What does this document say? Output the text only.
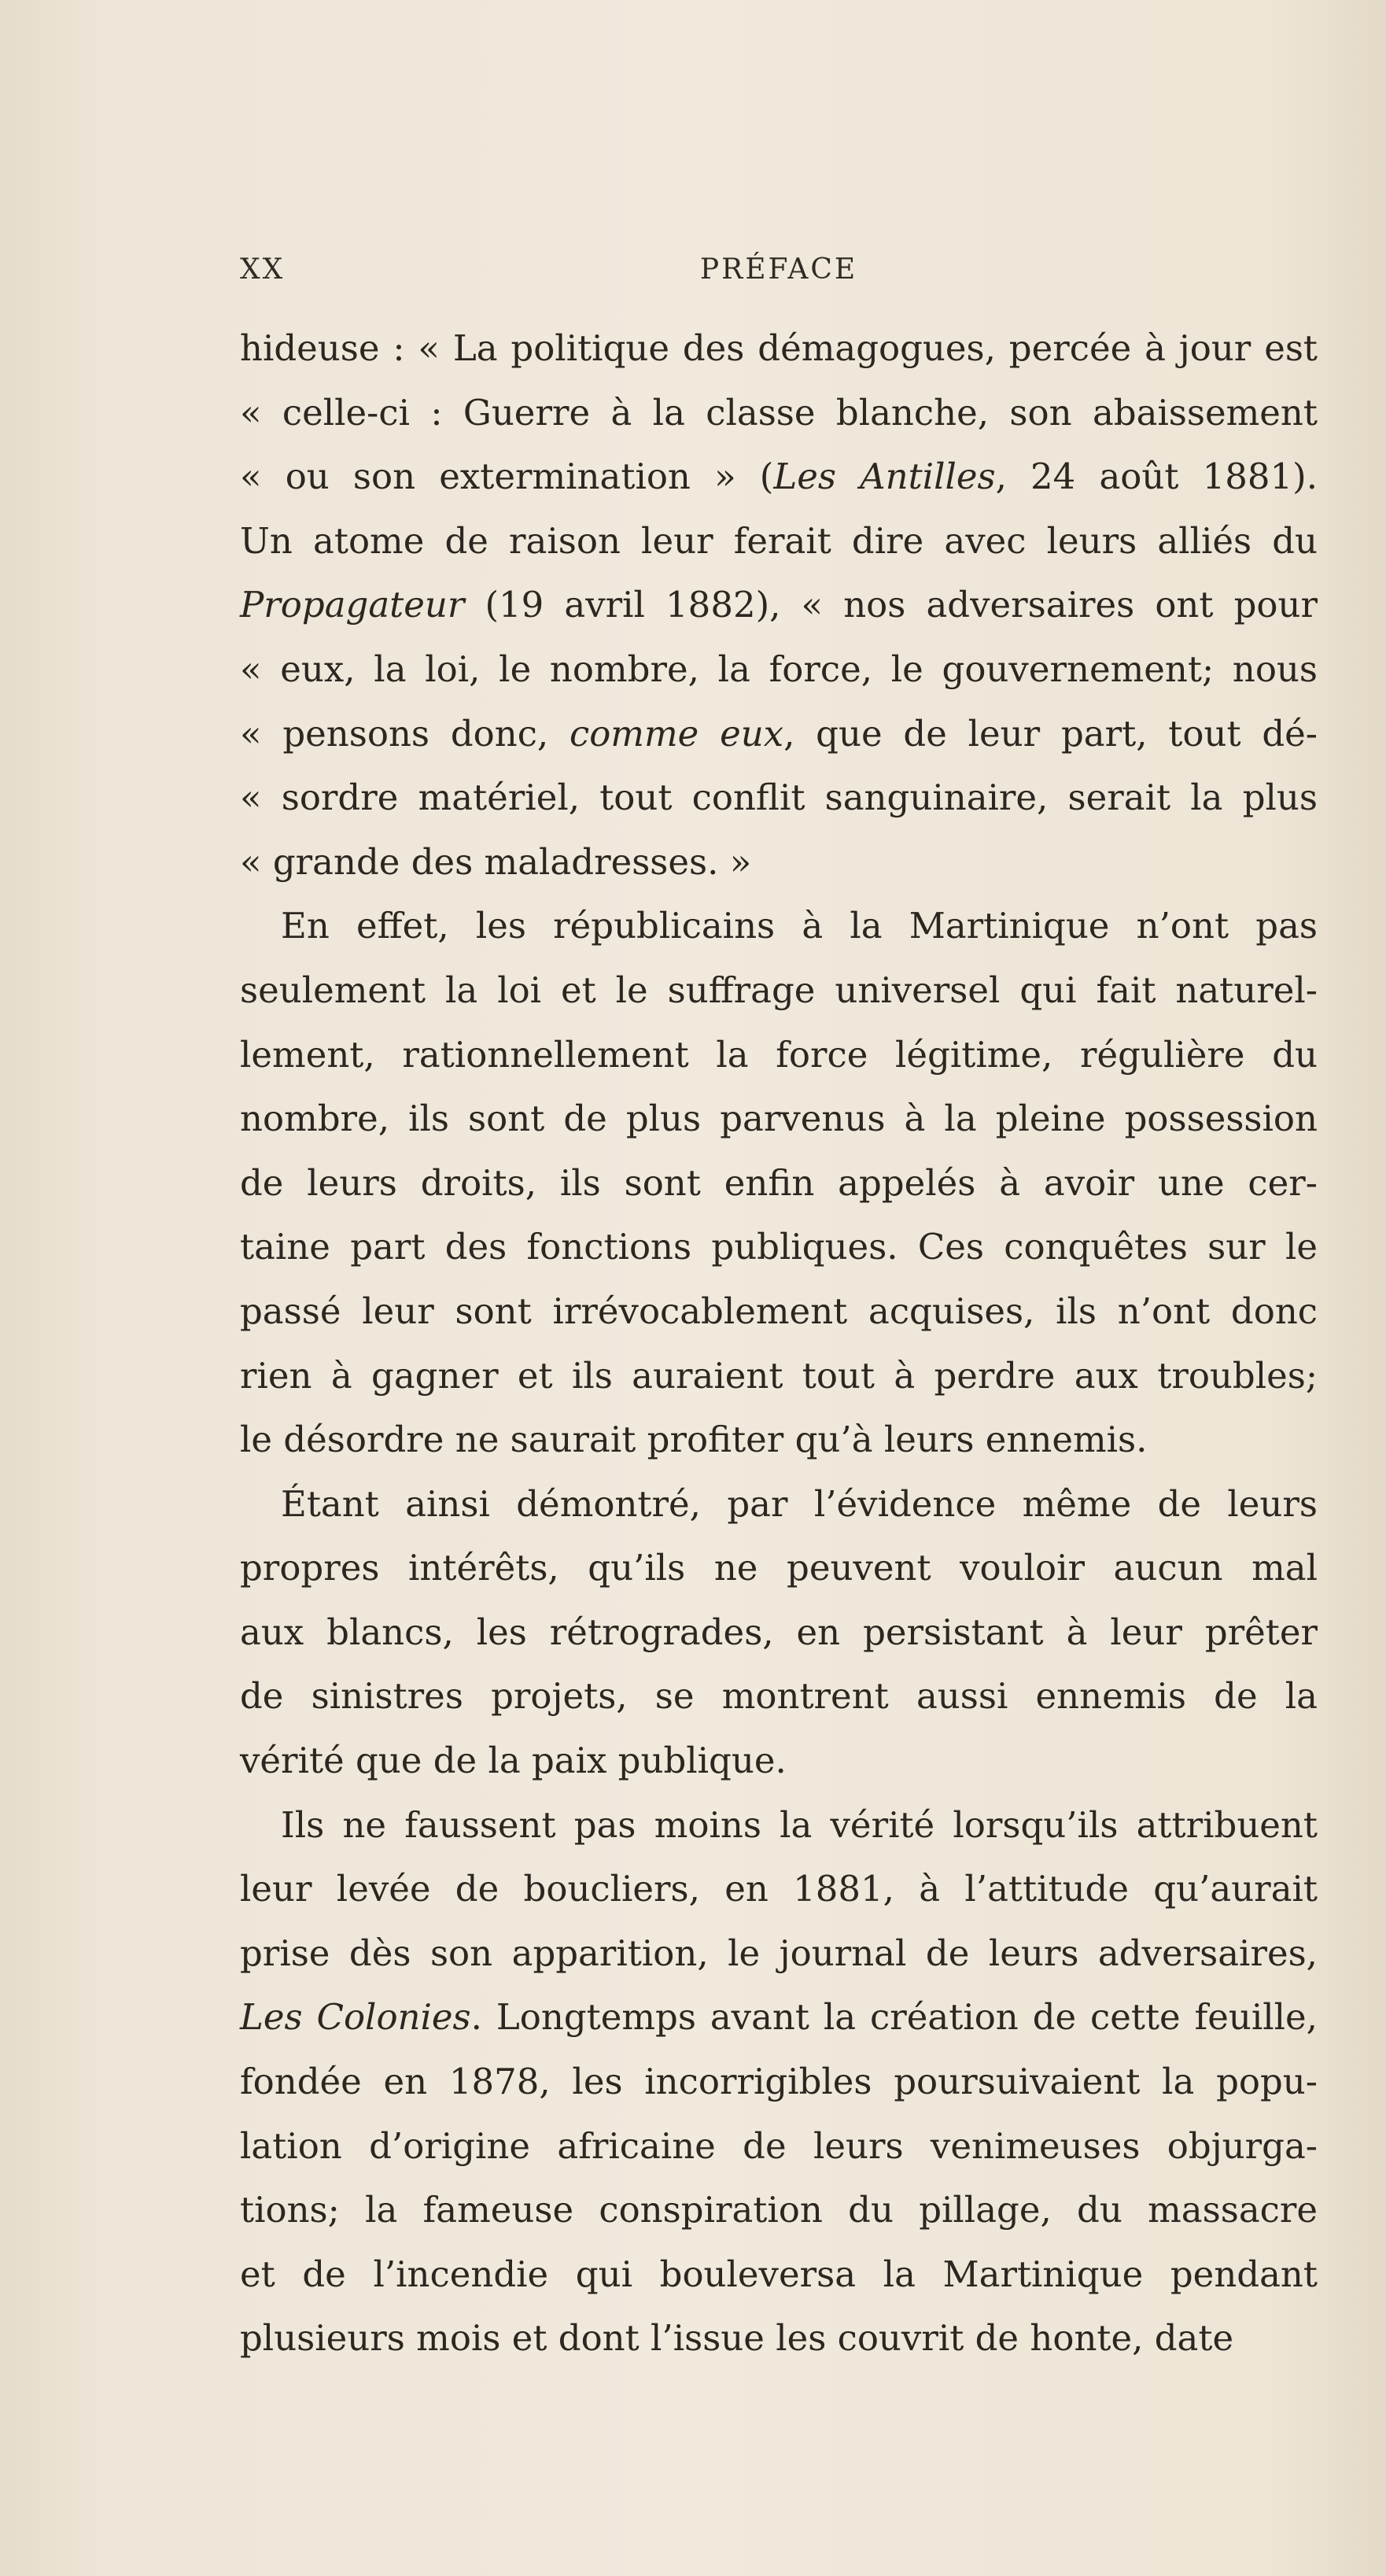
XX	PRÉFACE
hideuse : « La politique des démagogues, percée à jour est
« celle-ci : Guerre à la classe blanche, son abaissement
« ou son extermination » (Les Antilles, 24 août 1881).
Un atome de raison leur ferait dire avec leurs alliés du
Propagateur (19 avril 1882), « nos adversaires ont pour
« eux, la loi, le nombre, la force, le gouvernement; nous
« pensons donc, comme eux, que de leur part, tout dé-
« sordre matériel, tout conflit sanguinaire, serait la plus
« grande des maladresses. »
En effet, les républicains à la Martinique n’ont pas
seulement la loi et le suffrage universel qui fait naturel-
lement, rationnellement la force légitime, régulière du
nombre, ils sont de plus parvenus à la pleine possession
de leurs droits, ils sont enfin appelés à avoir une cer-
taine part des fonctions publiques. Ces conquêtes sur le
passé leur sont irrévocablement acquises, ils n’ont donc
rien à gagner et ils auraient tout à perdre aux troubles;
le désordre ne saurait profiter qu’à leurs ennemis.
Étant ainsi démontré, par l’évidence même de leurs
propres intérêts, qu’ils ne peuvent vouloir aucun mal
aux blancs, les rétrogrades, en persistant à leur prêter
de sinistres projets, se montrent aussi ennemis de la
vérité que de la paix publique.
Ils ne faussent pas moins la vérité lorsqu’ils attribuent
leur levée de boucliers, en 1881, à l’attitude qu’aurait
prise dès son apparition, le journal de leurs adversaires,
Les Colonies. Longtemps avant la création de cette feuille,
fondée en 1878, les incorrigibles poursuivaient la popu-
lation d’origine africaine de leurs venimeuses objurga-
tions; la fameuse conspiration du pillage, du massacre
et de l’incendie qui bouleversa la Martinique pendant
plusieurs mois et dont l’issue les couvrit de honte, date
